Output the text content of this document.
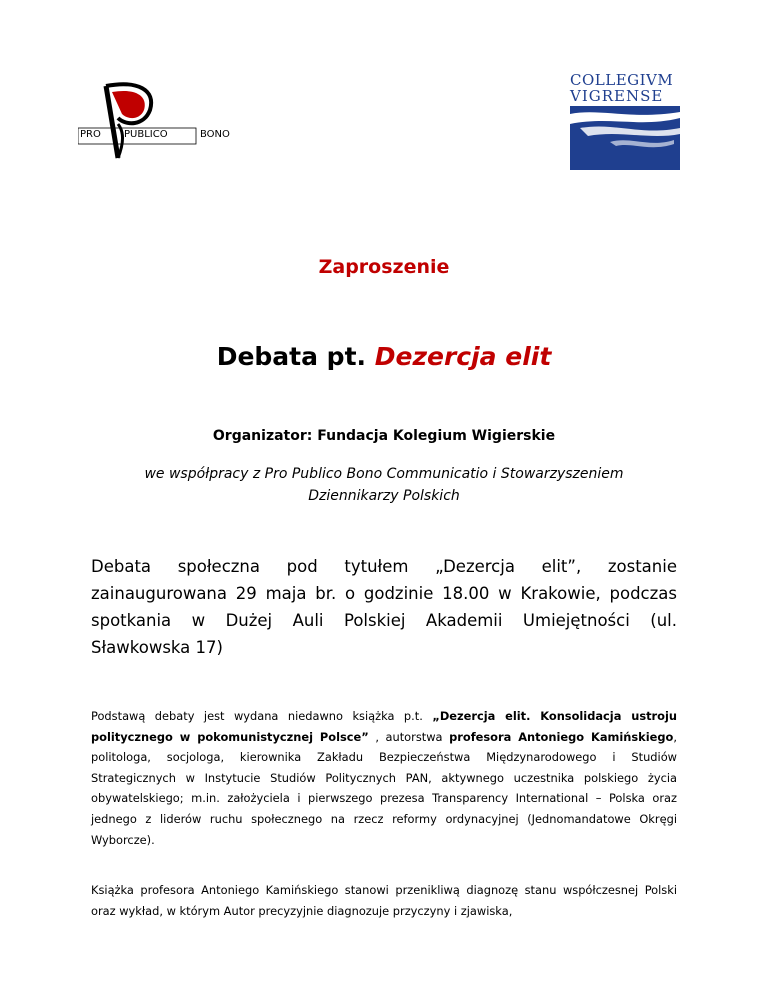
PRO PUBLICO	BONO
COLLEGIVM
VIGRENSE
Zaproszenie
Debata pt. Dezercja elit
Organizator: Fundacja Kolegium Wigierskie
we współpracy z Pro Publico Bono Communicatio i Stowarzyszeniem Dziennikarzy Polskich
Debata społeczna pod tytułem „Dezercja elit”, zostanie
zainaugurowana 29 maja br. o godzinie 18.00 w Krakowie, podczas
spotkania w Dużej Auli Polskiej Akademii Umiejętności (ul.
Sławkowska 17)
Podstawą debaty jest wydana niedawno książka p.t. „Dezercja elit. Konsolidacja ustroju politycznego w pokomunistycznej Polsce” , autorstwa profesora Antoniego Kamińskiego, politologa, socjologa, kierownika Zakładu Bezpieczeństwa Międzynarodowego i Studiów Strategicznych w Instytucie Studiów Politycznych PAN, aktywnego uczestnika polskiego życia obywatelskiego; m.in. założyciela i pierwszego prezesa Transparency International – Polska oraz jednego z liderów ruchu społecznego na rzecz reformy ordynacyjnej (Jednomandatowe Okręgi Wyborcze).
Książka profesora Antoniego Kamińskiego stanowi przenikliwą diagnozę stanu współczesnej Polski oraz wykład, w którym Autor precyzyjnie diagnozuje przyczyny i zjawiska,
